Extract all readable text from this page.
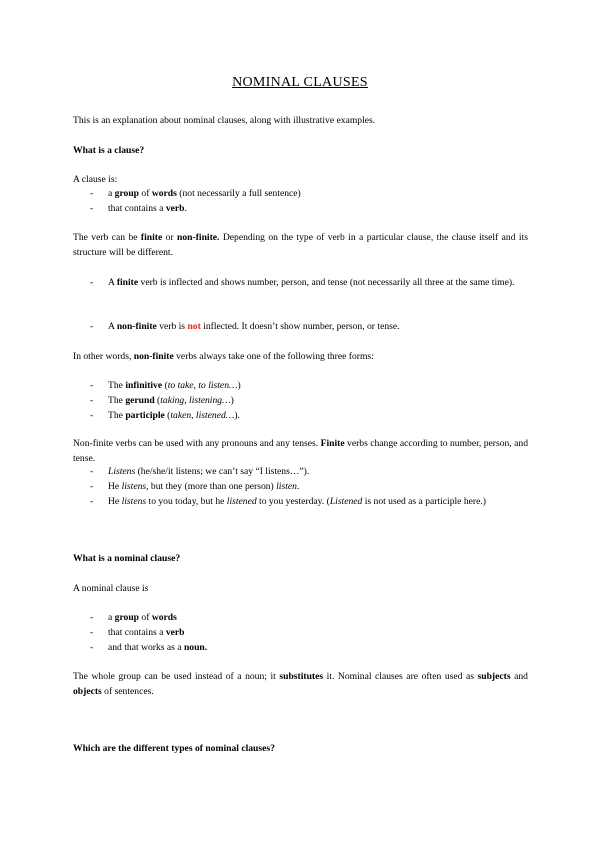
NOMINAL CLAUSES
This is an explanation about nominal clauses, along with illustrative examples.
What is a clause?
A clause is:
- a group of words (not necessarily a full sentence)
- that contains a verb.
The verb can be finite or non-finite. Depending on the type of verb in a particular clause, the clause itself and its structure will be different.
- A finite verb is inflected and shows number, person, and tense (not necessarily all three at the same time).
- A non-finite verb is not inflected. It doesn’t show number, person, or tense.
In other words, non-finite verbs always take one of the following three forms:
- The infinitive (to take, to listen…)
- The gerund (taking, listening…)
- The participle (taken, listened…).
Non-finite verbs can be used with any pronouns and any tenses. Finite verbs change according to number, person, and tense.
- Listens (he/she/it listens; we can’t say “I listens…”).
- He listens, but they (more than one person) listen.
- He listens to you today, but he listened to you yesterday. (Listened is not used as a participle here.)
What is a nominal clause?
A nominal clause is
- a group of words
- that contains a verb
- and that works as a noun.
The whole group can be used instead of a noun; it substitutes it. Nominal clauses are often used as subjects and objects of sentences.
Which are the different types of nominal clauses?
